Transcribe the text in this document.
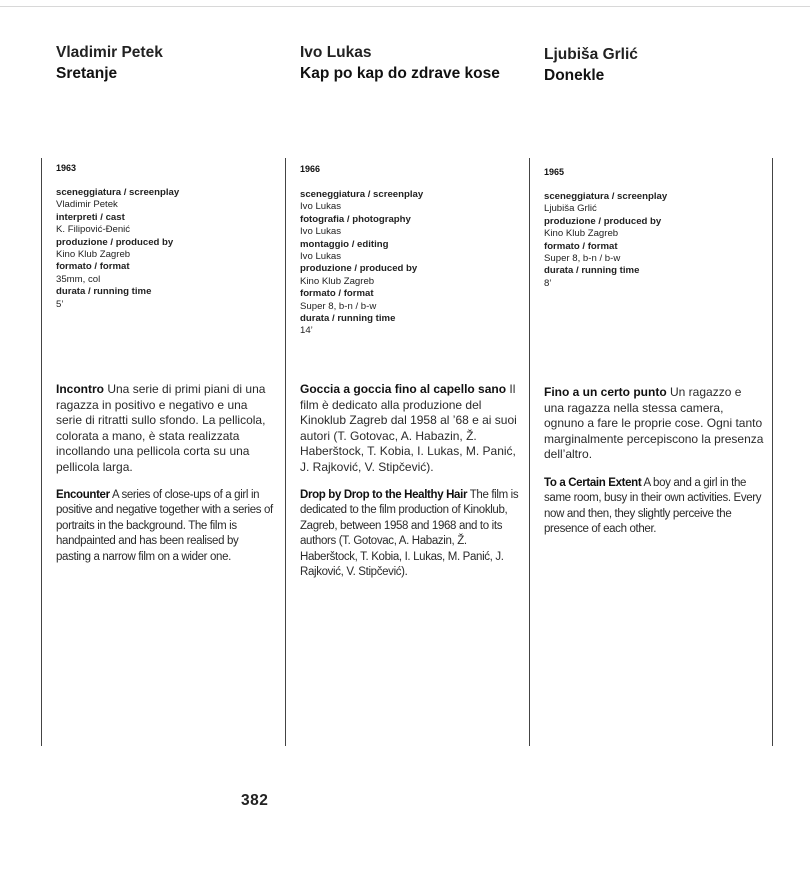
Vladimir Petek
Sretanje
1963
sceneggiatura / screenplay
Vladimir Petek
interpreti / cast
K. Filipović-Đenić
produzione / produced by
Kino Klub Zagreb
formato / format
35mm, col
durata / running time
5’
Incontro Una serie di primi piani di una ragazza in positivo e negativo e una serie di ritratti sullo sfondo. La pellicola, colorata a mano, è stata realizzata incollando una pellicola corta su una pellicola larga.
Encounter A series of close-ups of a girl in positive and negative together with a series of portraits in the background. The film is handpainted and has been realised by pasting a narrow film on a wider one.
Ivo Lukas
Kap po kap do zdrave kose
1966
sceneggiatura / screenplay
Ivo Lukas
fotografia / photography
Ivo Lukas
montaggio / editing
Ivo Lukas
produzione / produced by
Kino Klub Zagreb
formato / format
Super 8, b-n / b-w
durata / running time
14’
Goccia a goccia fino al capello sano Il film è dedicato alla produzione del Kinoklub Zagreb dal 1958 al ’68 e ai suoi autori (T. Gotovac, A. Habazin, Ž. Haberštock, T. Kobia, I. Lukas, M. Panić, J. Rajković, V. Stipčević).
Drop by Drop to the Healthy Hair The film is dedicated to the film production of Kinoklub, Zagreb, between 1958 and 1968 and to its authors (T. Gotovac, A. Habazin, Ž. Haberštock, T. Kobia, I. Lukas, M. Panić, J. Rajković, V. Stipčević).
Ljubiša Grlić
Donekle
1965
sceneggiatura / screenplay
Ljubiša Grlić
produzione / produced by
Kino Klub Zagreb
formato / format
Super 8, b-n / b-w
durata / running time
8’
Fino a un certo punto Un ragazzo e una ragazza nella stessa camera, ognuno a fare le proprie cose. Ogni tanto marginalmente percepiscono la presenza dell’altro.
To a Certain Extent A boy and a girl in the same room, busy in their own activities. Every now and then, they slightly perceive the presence of each other.
382
